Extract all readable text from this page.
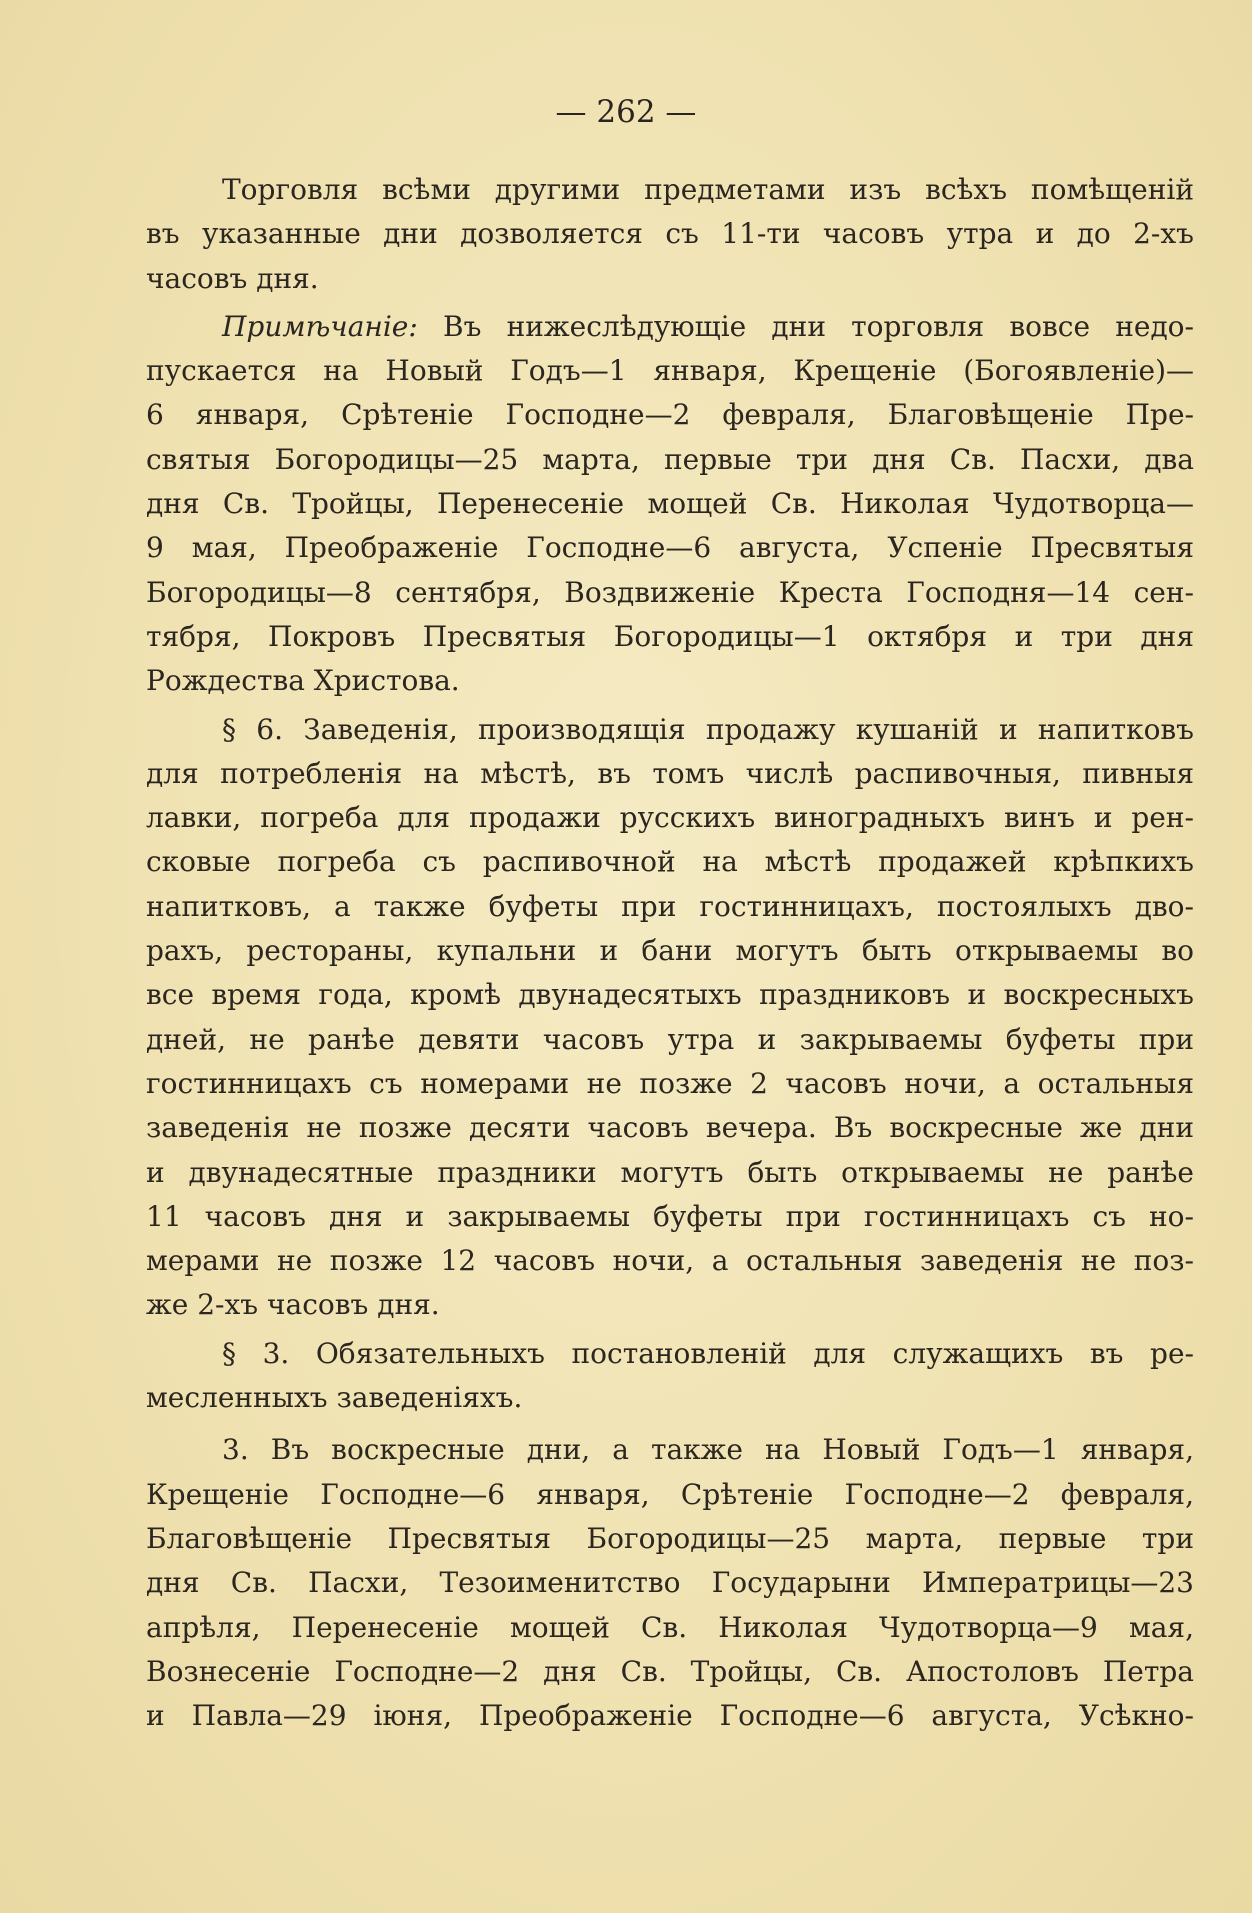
— 262 —
Торговля всѣми другими предметами изъ всѣхъ помѣщеній
въ указанные дни дозволяется съ 11-ти часовъ утра и до 2-хъ
часовъ дня.
Примѣчаніе: Въ нижеслѣдующіе дни торговля вовсе недо-
пускается на Новый Годъ—1 января, Крещеніе (Богоявленіе)—
6 января, Срѣтеніе Господне—2 февраля, Благовѣщеніе Пре-
святыя Богородицы—25 марта, первые три дня Св. Пасхи, два
дня Св. Тройцы, Перенесеніе мощей Св. Николая Чудотворца—
9 мая, Преображеніе Господне—6 августа, Успеніе Пресвятыя
Богородицы—8 сентября, Воздвиженіе Креста Господня—14 сен-
тября, Покровъ Пресвятыя Богородицы—1 октября и три дня
Рождества Христова.
§ 6. Заведенія, производящія продажу кушаній и напитковъ
для потребленія на мѣстѣ, въ томъ числѣ распивочныя, пивныя
лавки, погреба для продажи русскихъ виноградныхъ винъ и рен-
сковые погреба съ распивочной на мѣстѣ продажей крѣпкихъ
напитковъ, а также буфеты при гостинницахъ, постоялыхъ дво-
рахъ, рестораны, купальни и бани могутъ быть открываемы во
все время года, кромѣ двунадесятыхъ праздниковъ и воскресныхъ
дней, не ранѣе девяти часовъ утра и закрываемы буфеты при
гостинницахъ съ номерами не позже 2 часовъ ночи, а остальныя
заведенія не позже десяти часовъ вечера. Въ воскресные же дни
и двунадесятные праздники могутъ быть открываемы не ранѣе
11 часовъ дня и закрываемы буфеты при гостинницахъ съ но-
мерами не позже 12 часовъ ночи, а остальныя заведенія не поз-
же 2-хъ часовъ дня.
§ 3. Обязательныхъ постановленій для служащихъ въ ре-
месленныхъ заведеніяхъ.
3. Въ воскресные дни, а также на Новый Годъ—1 января,
Крещеніе Господне—6 января, Срѣтеніе Господне—2 февраля,
Благовѣщеніе Пресвятыя Богородицы—25 марта, первые три
дня Св. Пасхи, Тезоименитство Государыни Императрицы—23
апрѣля, Перенесеніе мощей Св. Николая Чудотворца—9 мая,
Вознесеніе Господне—2 дня Св. Тройцы, Св. Апостоловъ Петра
и Павла—29 іюня, Преображеніе Господне—6 августа, Усѣкно-
